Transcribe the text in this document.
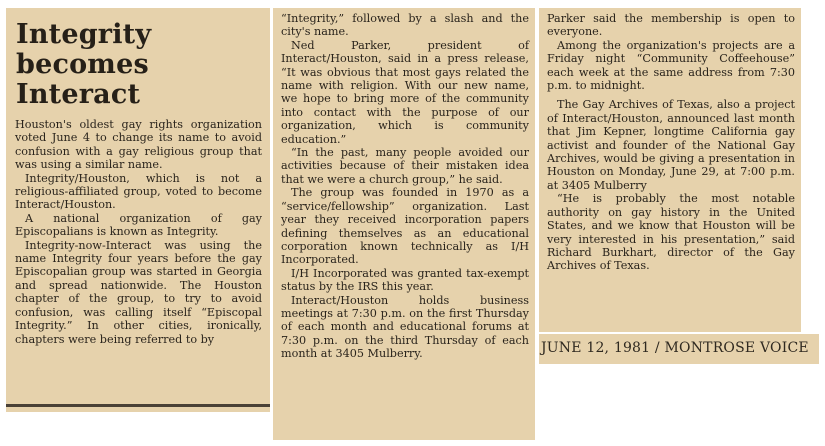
Integrity becomes Interact

Houston's oldest gay rights organization voted June 4 to change its name to avoid confusion with a gay religious group that was using a similar name.

Integrity/Houston, which is not a religious-affiliated group, voted to become Interact/Houston.

A national organization of gay Episcopalians is known as Integrity.

Integrity-now-Interact was using the name Integrity four years before the gay Episcopalian group was started in Georgia and spread nationwide. The Houston chapter of the group, to try to avoid confusion, was calling itself “Episcopal Integrity.” In other cities, ironically, chapters were being referred to by

“Integrity,” followed by a slash and the city's name.

Ned Parker, president of Interact/Houston, said in a press release, “It was obvious that most gays related the name with religion. With our new name, we hope to bring more of the community into contact with the purpose of our organization, which is community education.”

“In the past, many people avoided our activities because of their mistaken idea that we were a church group,” he said.

The group was founded in 1970 as a “service/fellowship” organization. Last year they received incorporation papers defining themselves as an educational corporation known technically as I/H Incorporated.

I/H Incorporated was granted tax-exempt status by the IRS this year.

Interact/Houston holds business meetings at 7:30 p.m. on the first Thursday of each month and educational forums at 7:30 p.m. on the third Thursday of each month at 3405 Mulberry.

Parker said the membership is open to everyone.

Among the organization's projects are a Friday night “Community Coffeehouse” each week at the same address from 7:30 p.m. to midnight.

The Gay Archives of Texas, also a project of Interact/Houston, announced last month that Jim Kepner, longtime California gay activist and founder of the National Gay Archives, would be giving a presentation in Houston on Monday, June 29, at 7:00 p.m. at 3405 Mulberry

“He is probably the most notable authority on gay history in the United States, and we know that Houston will be very interested in his presentation,” said Richard Burkhart, director of the Gay Archives of Texas.

JUNE 12, 1981 / MONTROSE VOICE
